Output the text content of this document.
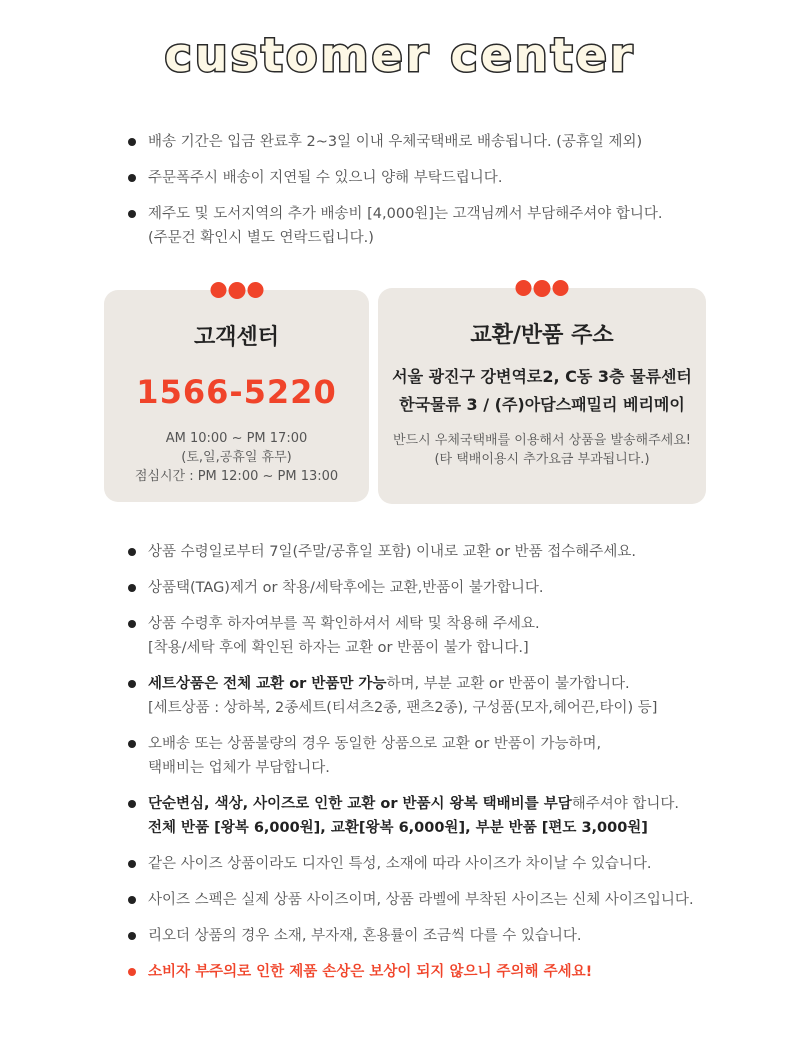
customer center
배송 기간은 입금 완료후 2~3일 이내 우체국택배로 배송됩니다. (공휴일 제외)
주문폭주시 배송이 지연될 수 있으니 양해 부탁드립니다.
제주도 및 도서지역의 추가 배송비 [4,000원]는 고객님께서 부담해주셔야 합니다.
(주문건 확인시 별도 연락드립니다.)
고객센터
1566-5220
AM 10:00 ~ PM 17:00
(토,일,공휴일 휴무)
점심시간 : PM 12:00 ~ PM 13:00
교환/반품 주소
서울 광진구 강변역로2, C동 3층 물류센터
한국물류 3 / (주)아담스패밀리 베리메이
반드시 우체국택배를 이용해서 상품을 발송해주세요!
(타 택배이용시 추가요금 부과됩니다.)
상품 수령일로부터 7일(주말/공휴일 포함) 이내로 교환 or 반품 접수해주세요.
상품택(TAG)제거 or 착용/세탁후에는 교환,반품이 불가합니다.
상품 수령후 하자여부를 꼭 확인하셔서 세탁 및 착용해 주세요.
[착용/세탁 후에 확인된 하자는 교환 or 반품이 불가 합니다.]
세트상품은 전체 교환 or 반품만 가능하며, 부분 교환 or 반품이 불가합니다.
[세트상품 : 상하복, 2종세트(티셔츠2종, 팬츠2종), 구성품(모자,헤어끈,타이) 등]
오배송 또는 상품불량의 경우 동일한 상품으로 교환 or 반품이 가능하며,
택배비는 업체가 부담합니다.
단순변심, 색상, 사이즈로 인한 교환 or 반품시 왕복 택배비를 부담해주셔야 합니다.
전체 반품 [왕복 6,000원], 교환[왕복 6,000원], 부분 반품 [편도 3,000원]
같은 사이즈 상품이라도 디자인 특성, 소재에 따라 사이즈가 차이날 수 있습니다.
사이즈 스펙은 실제 상품 사이즈이며, 상품 라벨에 부착된 사이즈는 신체 사이즈입니다.
리오더 상품의 경우 소재, 부자재, 혼용률이 조금씩 다를 수 있습니다.
소비자 부주의로 인한 제품 손상은 보상이 되지 않으니 주의해 주세요!
